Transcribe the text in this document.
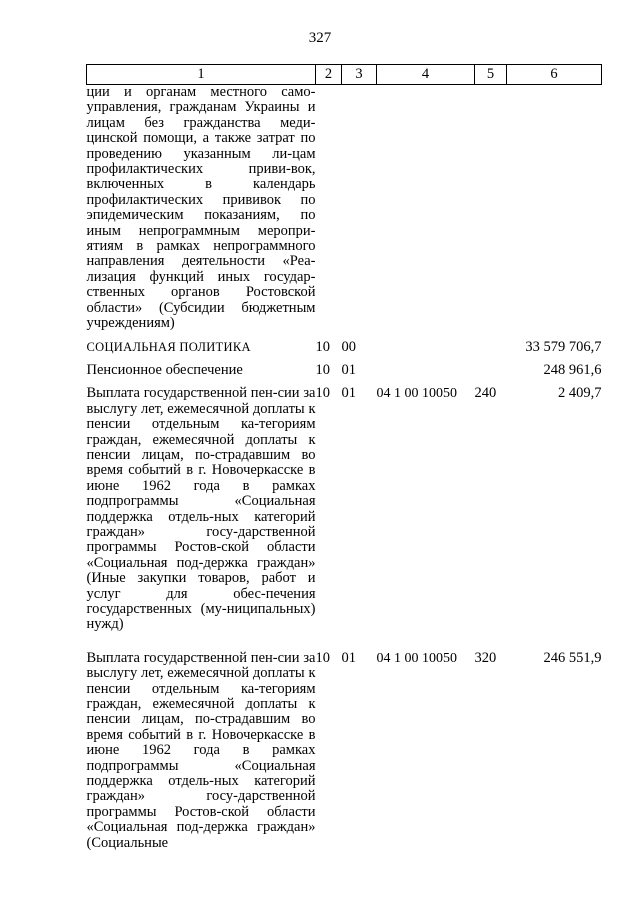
327
1	2	3	4	5	6
ции и органам местного само-управления, гражданам Украины и лицам без гражданства меди-цинской помощи, а также затрат по проведению указанным ли-цам профилактических приви-вок, включенных в календарь профилактических прививок по эпидемическим показаниям, по иным непрограммным меропри-ятиям в рамках непрограммного направления деятельности «Реа-лизация функций иных государ-ственных органов Ростовской области» (Субсидии бюджетным учреждениям)					
СОЦИАЛЬНАЯ ПОЛИТИКА	10	00			33 579 706,7
Пенсионное обеспечение	10	01			248 961,6
Выплата государственной пен-сии за выслугу лет, ежемесячной доплаты к пенсии отдельным ка-тегориям граждан, ежемесячной доплаты к пенсии лицам, по-страдавшим во время событий в г. Новочеркасске в июне 1962 года в рамках подпрограммы «Социальная поддержка отдель-ных категорий граждан» госу-дарственной программы Ростов-ской области «Социальная под-держка граждан» (Иные закупки товаров, работ и услуг для обес-печения государственных (му-ниципальных) нужд)	10	01	04 1 00 10050	240	2 409,7
Выплата государственной пен-сии за выслугу лет, ежемесячной доплаты к пенсии отдельным ка-тегориям граждан, ежемесячной доплаты к пенсии лицам, по-страдавшим во время событий в г. Новочеркасске в июне 1962 года в рамках подпрограммы «Социальная поддержка отдель-ных категорий граждан» госу-дарственной программы Ростов-ской области «Социальная под-держка граждан» (Социальные	10	01	04 1 00 10050	320	246 551,9
